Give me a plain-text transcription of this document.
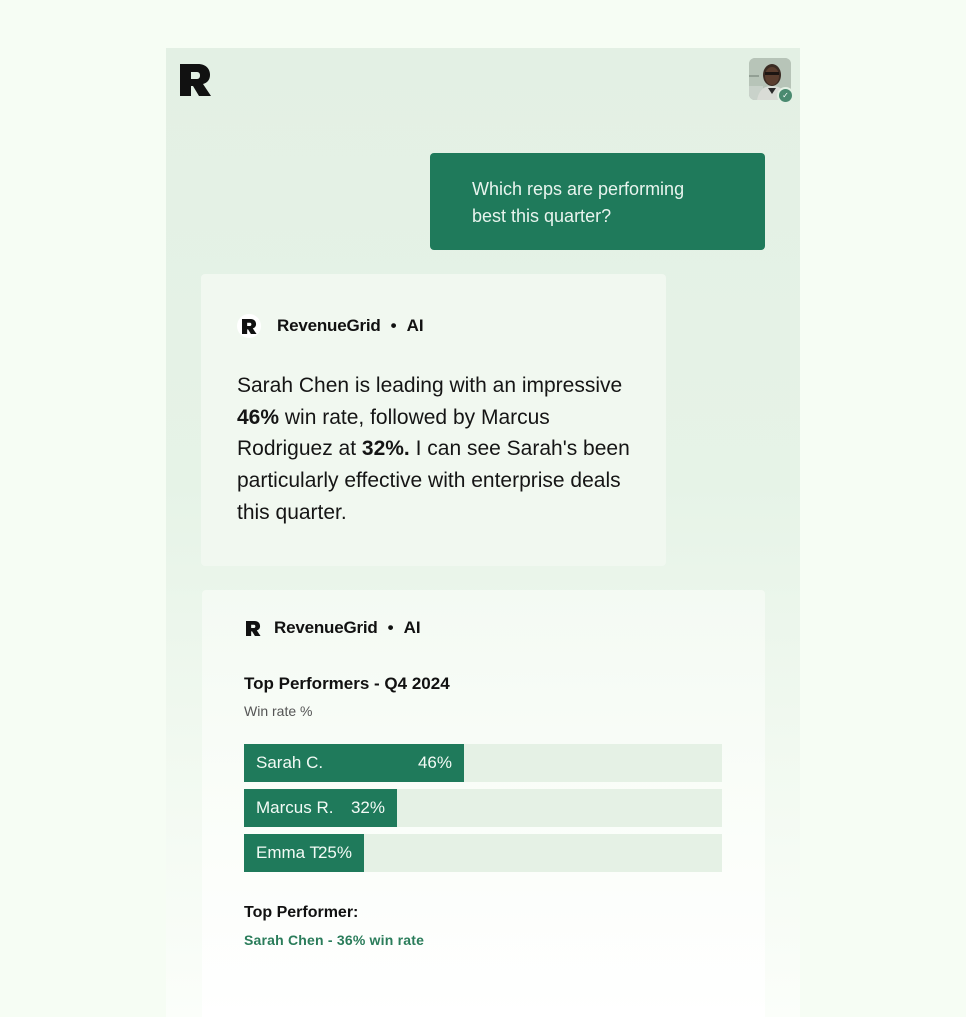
✓
Which reps are performing best this quarter?
RevenueGrid • AI
Sarah Chen is leading with an impressive 46% win rate, followed by Marcus Rodriguez at 32%. I can see Sarah's been particularly effective with enterprise deals this quarter.
RevenueGrid • AI
Top Performers - Q4 2024
Win rate %
Sarah C.	46%
Marcus R. 32%
Emma T.
25%
Top Performer:
Sarah Chen - 36% win rate
